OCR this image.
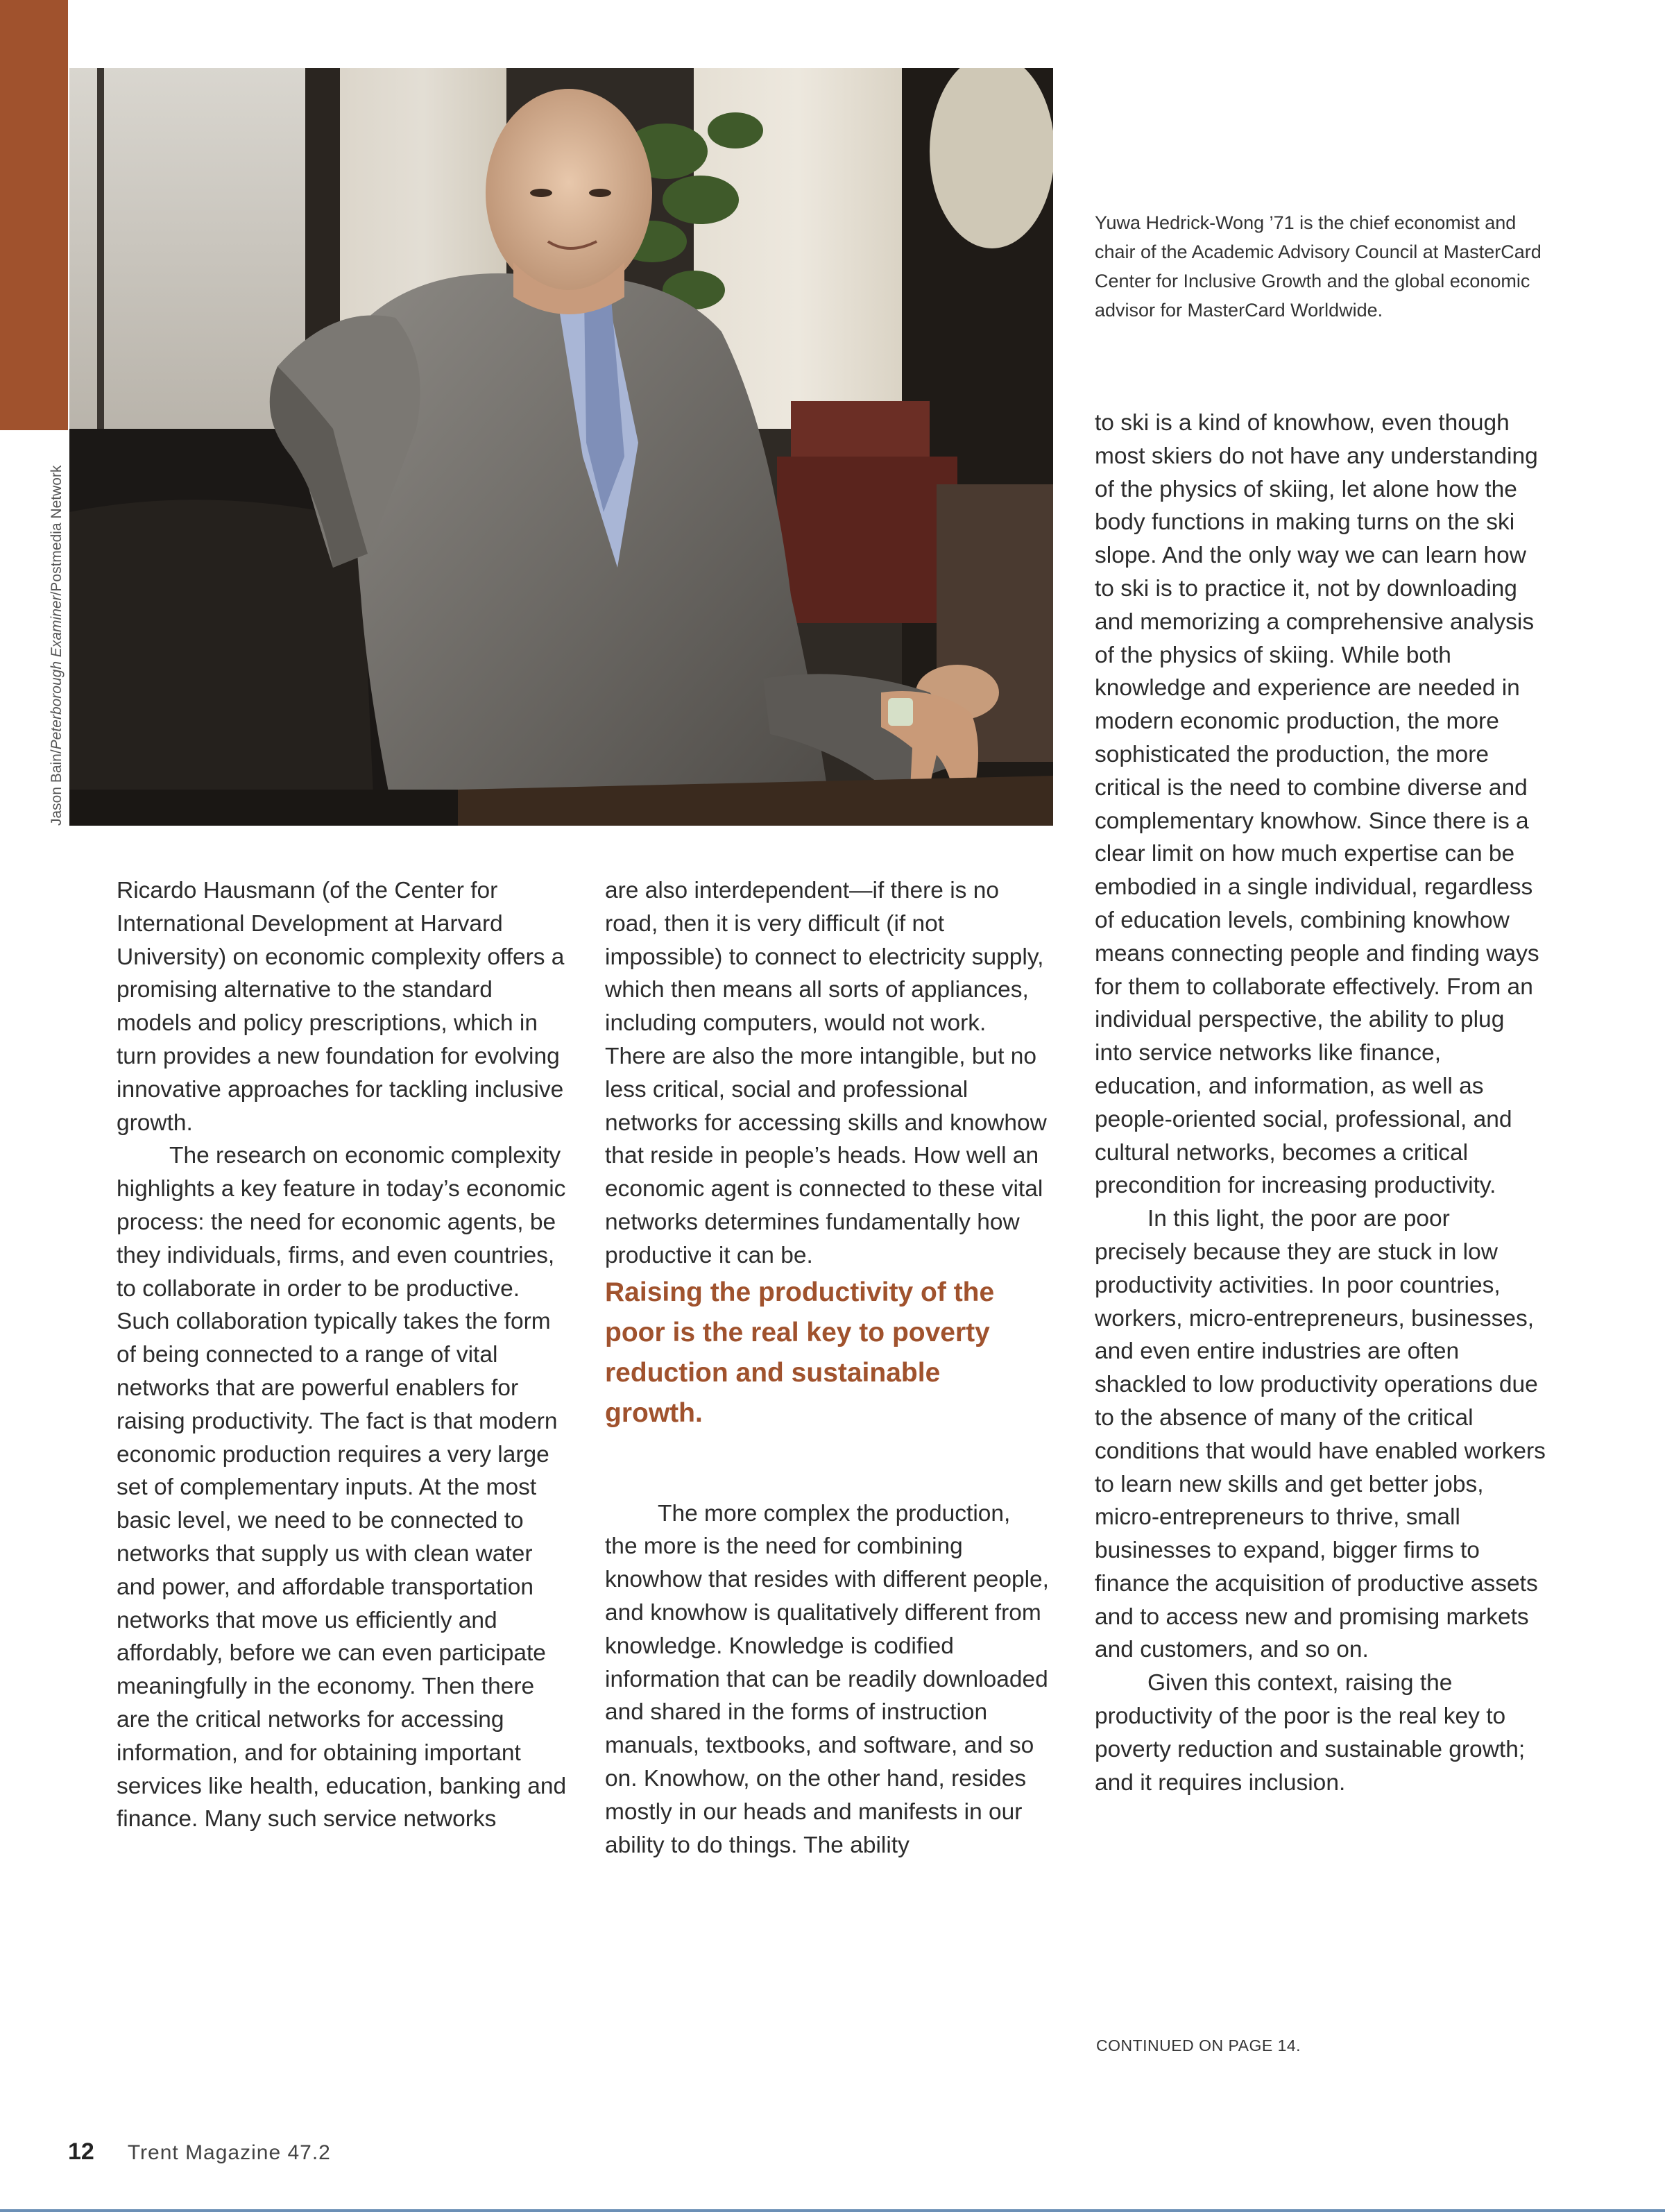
Jason Bain/Peterborough Examiner/Postmedia Network
Yuwa Hedrick-Wong ’71 is the chief economist and chair of the Academic Advisory Council at MasterCard Center for Inclusive Growth and the global economic advisor for MasterCard Worldwide.

Ricardo Hausmann (of the Center for International Development at Harvard University) on economic complexity offers a promising alternative to the standard models and policy prescriptions, which in turn provides a new foundation for evolving innovative approaches for tackling inclusive growth.

The research on economic complexity highlights a key feature in today’s economic process: the need for economic agents, be they individuals, firms, and even countries, to collaborate in order to be productive. Such collaboration typically takes the form of being connected to a range of vital networks that are powerful enablers for raising productivity. The fact is that modern economic production requires a very large set of complementary inputs. At the most basic level, we need to be connected to networks that supply us with clean water and power, and affordable transportation networks that move us efficiently and affordably, before we can even participate meaningfully in the economy. Then there are the critical networks for accessing information, and for obtaining important services like health, education, banking and finance. Many such service networks

are also interdependent—if there is no road, then it is very difficult (if not impossible) to connect to electricity supply, which then means all sorts of appliances, including computers, would not work. There are also the more intangible, but no less critical, social and professional networks for accessing skills and knowhow that reside in people’s heads. How well an economic agent is connected to these vital networks determines fundamentally how productive it can be.

Raising the productivity of the poor is the real key to poverty reduction and sustainable growth.

The more complex the production, the more is the need for combining knowhow that resides with different people, and knowhow is qualitatively different from knowledge. Knowledge is codified information that can be readily downloaded and shared in the forms of instruction manuals, textbooks, and software, and so on. Knowhow, on the other hand, resides mostly in our heads and manifests in our ability to do things. The ability

to ski is a kind of knowhow, even though most skiers do not have any understanding of the physics of skiing, let alone how the body functions in making turns on the ski slope. And the only way we can learn how to ski is to practice it, not by downloading and memorizing a comprehensive analysis of the physics of skiing. While both knowledge and experience are needed in modern economic production, the more sophisticated the production, the more critical is the need to combine diverse and complementary knowhow. Since there is a clear limit on how much expertise can be embodied in a single individual, regardless of education levels, combining knowhow means connecting people and finding ways for them to collaborate effectively. From an individual perspective, the ability to plug into service networks like finance, education, and information, as well as people-oriented social, professional, and cultural networks, becomes a critical precondition for increasing productivity.

In this light, the poor are poor precisely because they are stuck in low productivity activities. In poor countries, workers, micro-entrepreneurs, businesses, and even entire industries are often shackled to low productivity operations due to the absence of many of the critical conditions that would have enabled workers to learn new skills and get better jobs, micro-entrepreneurs to thrive, small businesses to expand, bigger firms to finance the acquisition of productive assets and to access new and promising markets and customers, and so on.

Given this context, raising the productivity of the poor is the real key to poverty reduction and sustainable growth; and it requires inclusion.

CONTINUED ON PAGE 14.
12 Trent Magazine 47.2
